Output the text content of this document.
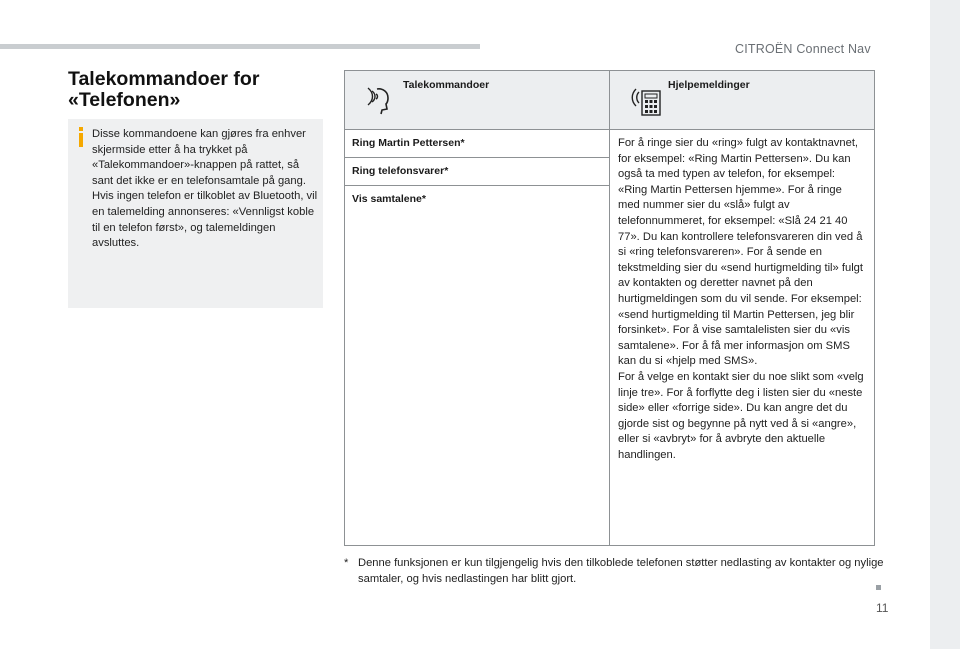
CITROËN Connect Nav
Talekommandoer for «Telefonen»
Disse kommandoene kan gjøres fra enhver skjermside etter å ha trykket på «Talekommandoer»-knappen på rattet, så sant det ikke er en telefonsamtale på gang.
Hvis ingen telefon er tilkoblet av Bluetooth, vil en talemelding annonseres: «Vennligst koble til en telefon først», og talemeldingen avsluttes.
Talekommandoer	Hjelpemeldinger

Ring Martin Pettersen*	For å ringe sier du «ring» fulgt av kontaktnavnet, for eksempel: «Ring Martin Pettersen». Du kan også ta med typen av telefon, for eksempel: «Ring Martin Pettersen hjemme». For å ringe med nummer sier du «slå» fulgt av telefonnummeret, for eksempel: «Slå 24 21 40 77». Du kan kontrollere telefonsvareren din ved å si «ring telefonsvareren». For å sende en tekstmelding sier du «send hurtigmelding til» fulgt av kontakten og deretter navnet på den hurtigmeldingen som du vil sende. For eksempel: «send hurtigmelding til Martin Pettersen, jeg blir forsinket». For å vise samtalelisten sier du «vis samtalene». For å få mer informasjon om SMS kan du si «hjelp med SMS».
For å velge en kontakt sier du noe slikt som «velg linje tre». For å forflytte deg i listen sier du «neste side» eller «forrige side». Du kan angre det du gjorde sist og begynne på nytt ved å si «angre», eller si «avbryt» for å avbryte den aktuelle handlingen.
Ring telefonsvarer*	
Vis samtalene*	

* Denne funksjonen er kun tilgjengelig hvis den tilkoblede telefonen støtter nedlasting av kontakter og nylige samtaler, og hvis nedlastingen har blitt gjort.
11
